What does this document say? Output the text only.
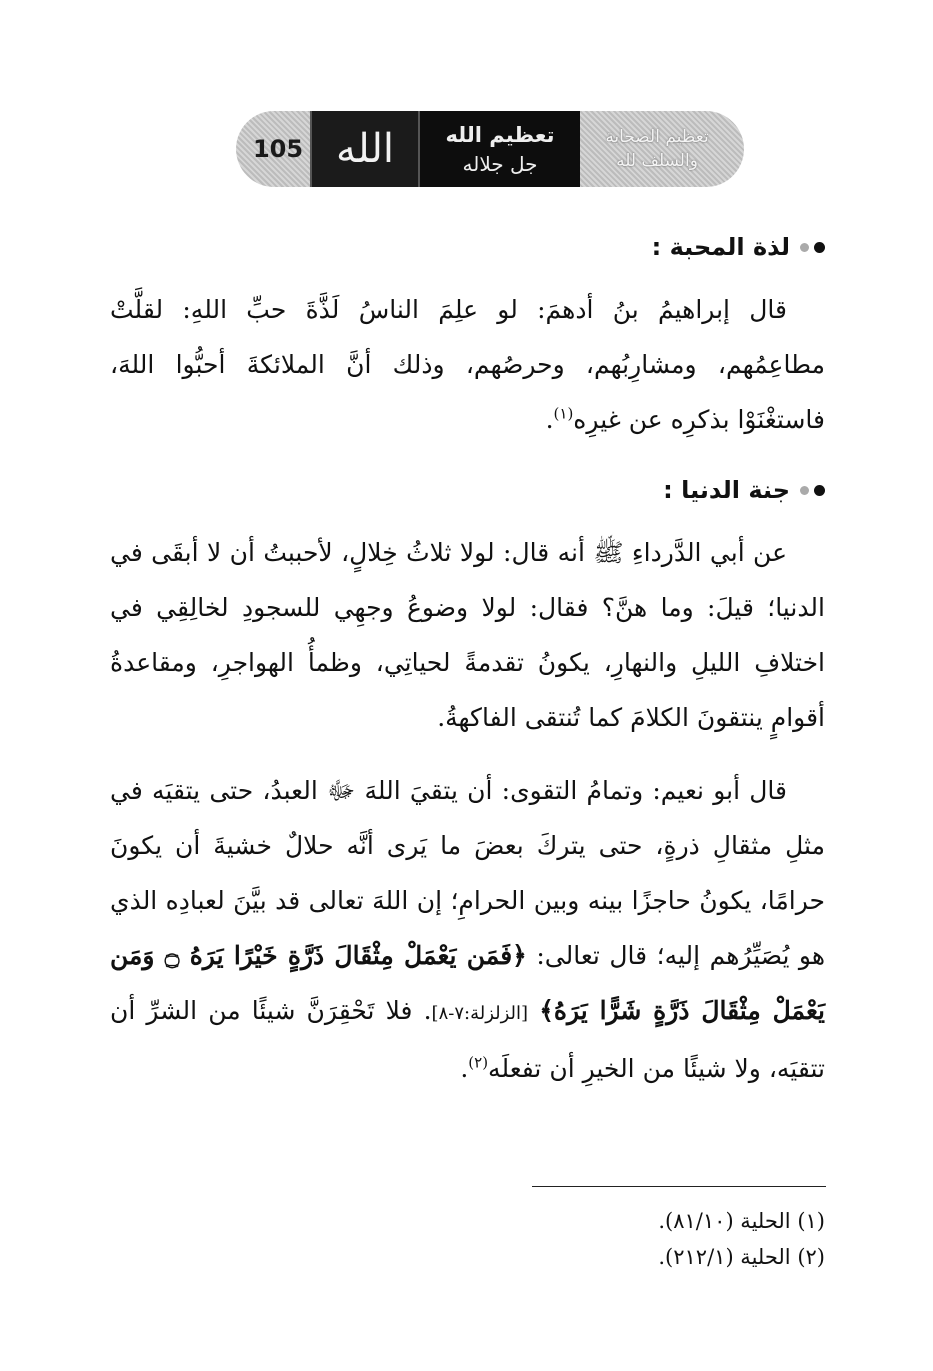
105 الله تعظيم الله
جل جلاله
تعظيم الصحابة
والسلف لله
لذة المحبة :

قال إبراهيمُ بنُ أدهمَ: لو علِمَ الناسُ لَذَّةَ حبِّ اللهِ: لقلَّتْ مطاعِمُهم، ومشارِبُهم، وحرصُهم، وذلك أنَّ الملائكةَ أحبُّوا اللهَ، فاستغْنَوْا بذكرِه عن غيرِه$^{(١)}$.

جنة الدنيا :

عن أبي الدَّرداءِ ﷺ أنه قال: لولا ثلاثُ خِلالٍ، لأحببتُ أن لا أبقَى في الدنيا؛ قيلَ: وما هنَّ؟ فقال: لولا وضوعُ وجهِي للسجودِ لخالِقِي في اختلافِ الليلِ والنهارِ، يكونُ تقدمةً لحياتِي، وظمأُ الهواجرِ، ومقاعدةُ أقوامٍ ينتقونَ الكلامَ كما تُنتقى الفاكهةُ.

قال أبو نعيم: وتمامُ التقوى: أن يتقيَ اللهَ ﷻ العبدُ، حتى يتقيَه في مثلِ مثقالِ ذرةٍ، حتى يتركَ بعضَ ما يَرى أنَّه حلالٌ خشيةَ أن يكونَ حرامًا، يكونُ حاجزًا بينه وبين الحرامِ؛ إن اللهَ تعالى قد بيَّنَ لعبادِه الذي هو يُصَيِّرُهم إليه؛ قال تعالى: ﴿فَمَن يَعْمَلْ مِثْقَالَ ذَرَّةٍ خَيْرًا يَرَهُ ۝ وَمَن يَعْمَلْ مِثْقَالَ ذَرَّةٍ شَرًّا يَرَهُ﴾ [الزلزلة:٧-٨]. فلا تَحْقِرَنَّ شيئًا من الشرِّ أن تتقيَه، ولا شيئًا من الخيرِ أن تفعلَه$^{(٢)}$.

(١) الحلية (٨١/١٠).
(٢) الحلية (٢١٢/١).
